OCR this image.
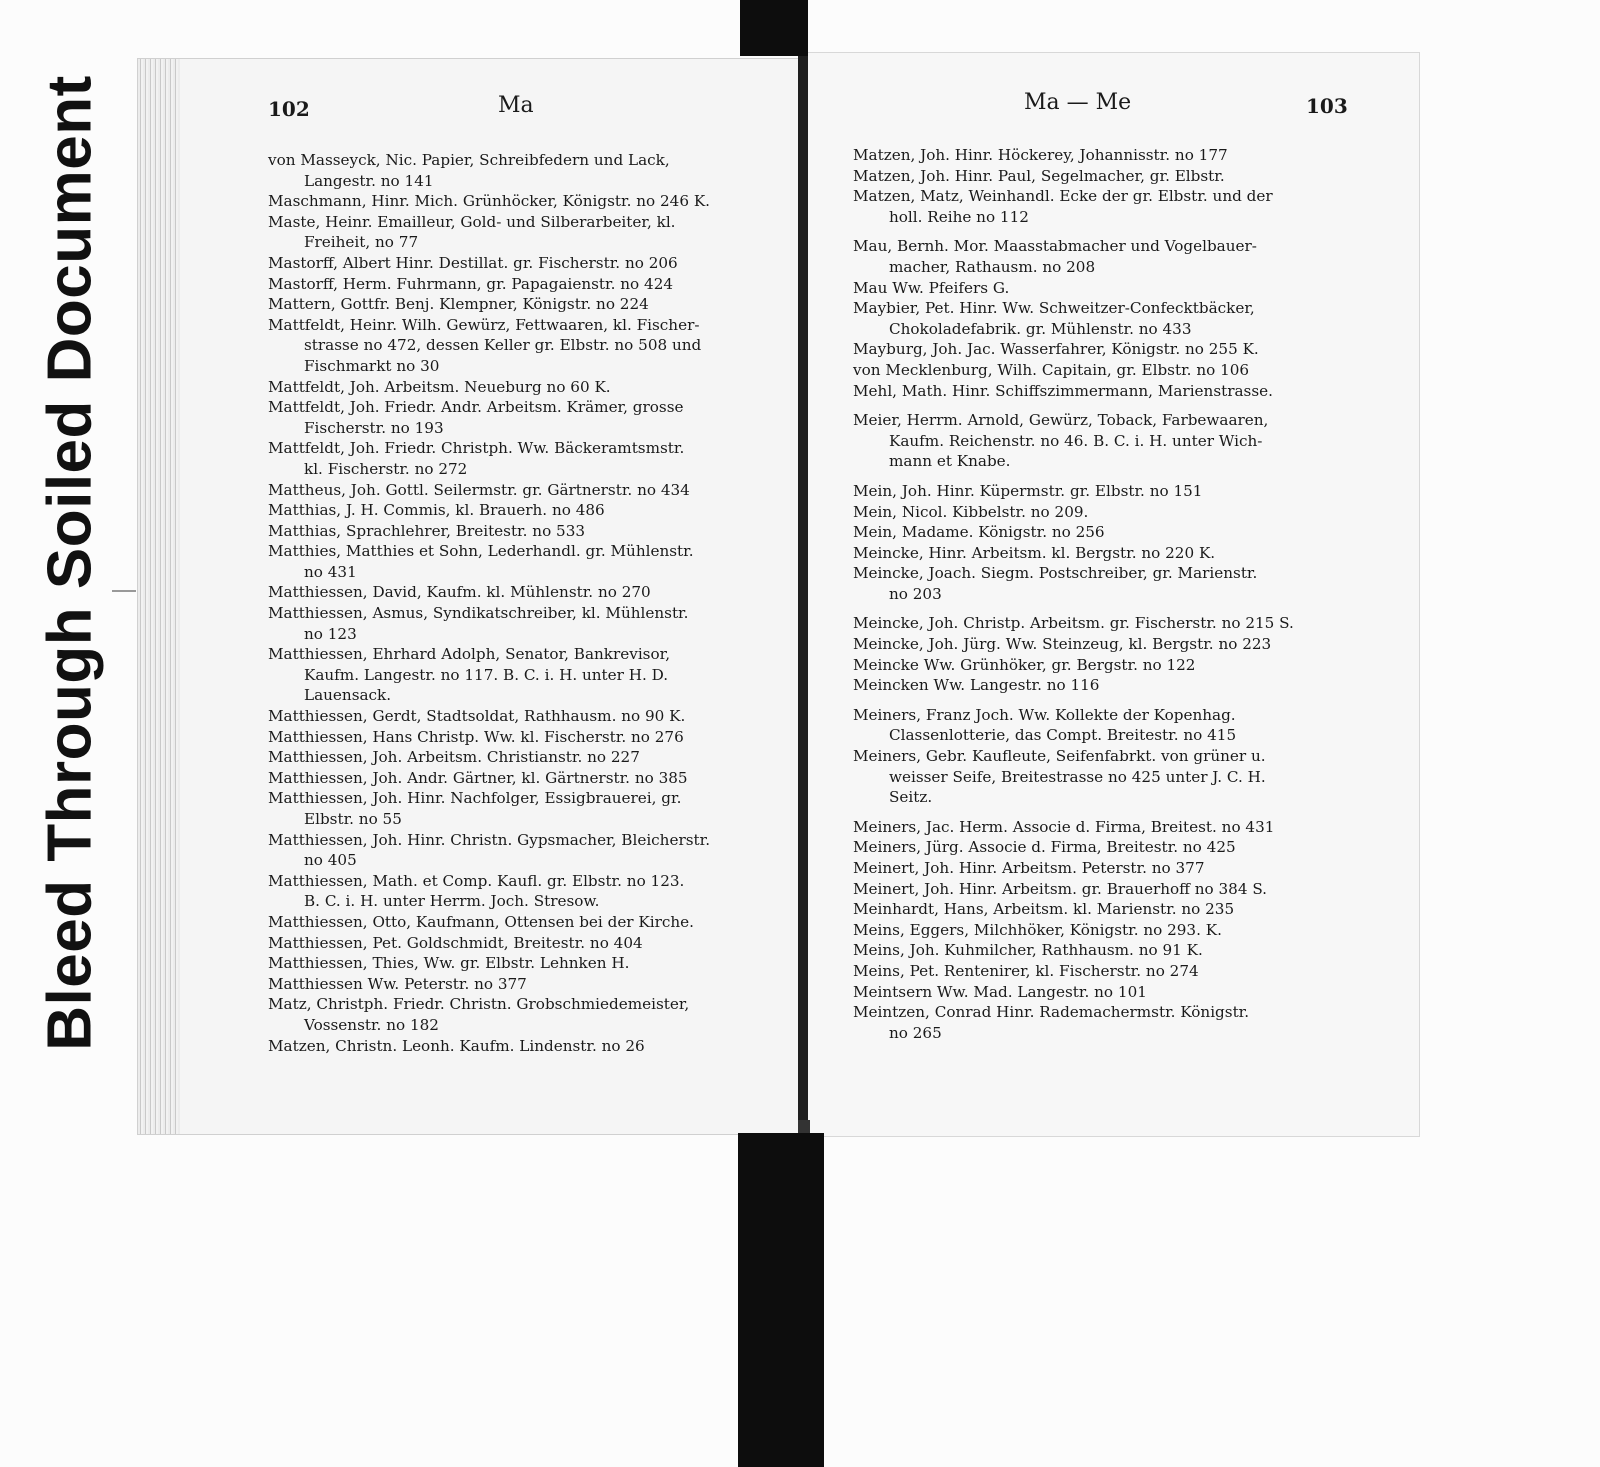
Bleed Through Soiled Document	102	Ma	Ma — Me	103
von Masseyck, Nic. Papier, Schreibfedern und Lack,
Langestr. no 141
Maschmann, Hinr. Mich. Grünhöcker, Königstr. no 246 K.
Maste, Heinr. Emailleur, Gold- und Silberarbeiter, kl.
Freiheit, no 77
Mastorff, Albert Hinr. Destillat. gr. Fischerstr. no 206
Mastorff, Herm. Fuhrmann, gr. Papagaienstr. no 424
Mattern, Gottfr. Benj. Klempner, Königstr. no 224
Mattfeldt, Heinr. Wilh. Gewürz, Fettwaaren, kl. Fischer-
strasse no 472, dessen Keller gr. Elbstr. no 508 und
Fischmarkt no 30
Mattfeldt, Joh. Arbeitsm. Neueburg no 60 K.
Mattfeldt, Joh. Friedr. Andr. Arbeitsm. Krämer, grosse
Fischerstr. no 193
Mattfeldt, Joh. Friedr. Christph. Ww. Bäckeramtsmstr.
kl. Fischerstr. no 272
Mattheus, Joh. Gottl. Seilermstr. gr. Gärtnerstr. no 434
Matthias, J. H. Commis, kl. Brauerh. no 486
Matthias, Sprachlehrer, Breitestr. no 533
Matthies, Matthies et Sohn, Lederhandl. gr. Mühlenstr.
no 431
Matthiessen, David, Kaufm. kl. Mühlenstr. no 270
Matthiessen, Asmus, Syndikatschreiber, kl. Mühlenstr.
no 123
Matthiessen, Ehrhard Adolph, Senator, Bankrevisor,
Kaufm. Langestr. no 117. B. C. i. H. unter H. D.
Lauensack.
Matthiessen, Gerdt, Stadtsoldat, Rathhausm. no 90 K.
Matthiessen, Hans Christp. Ww. kl. Fischerstr. no 276
Matthiessen, Joh. Arbeitsm. Christianstr. no 227
Matthiessen, Joh. Andr. Gärtner, kl. Gärtnerstr. no 385
Matthiessen, Joh. Hinr. Nachfolger, Essigbrauerei, gr.
Elbstr. no 55
Matthiessen, Joh. Hinr. Christn. Gypsmacher, Bleicherstr.
no 405
Matthiessen, Math. et Comp. Kaufl. gr. Elbstr. no 123.
B. C. i. H. unter Herrm. Joch. Stresow.
Matthiessen, Otto, Kaufmann, Ottensen bei der Kirche.
Matthiessen, Pet. Goldschmidt, Breitestr. no 404
Matthiessen, Thies, Ww. gr. Elbstr. Lehnken H.
Matthiessen Ww. Peterstr. no 377
Matz, Christph. Friedr. Christn. Grobschmiedemeister,
Vossenstr. no 182
Matzen, Christn. Leonh. Kaufm. Lindenstr. no 26
Matzen, Joh. Hinr. Höckerey, Johannisstr. no 177
Matzen, Joh. Hinr. Paul, Segelmacher, gr. Elbstr.
Matzen, Matz, Weinhandl. Ecke der gr. Elbstr. und der
holl. Reihe no 112
Mau, Bernh. Mor. Maasstabmacher und Vogelbauer-
macher, Rathausm. no 208
Mau Ww. Pfeifers G.
Maybier, Pet. Hinr. Ww. Schweitzer-Confecktbäcker,
Chokoladefabrik. gr. Mühlenstr. no 433
Mayburg, Joh. Jac. Wasserfahrer, Königstr. no 255 K.
von Mecklenburg, Wilh. Capitain, gr. Elbstr. no 106
Mehl, Math. Hinr. Schiffszimmermann, Marienstrasse.
Meier, Herrm. Arnold, Gewürz, Toback, Farbewaaren,
Kaufm. Reichenstr. no 46. B. C. i. H. unter Wich-
mann et Knabe.
Mein, Joh. Hinr. Küpermstr. gr. Elbstr. no 151
Mein, Nicol. Kibbelstr. no 209.
Mein, Madame. Königstr. no 256
Meincke, Hinr. Arbeitsm. kl. Bergstr. no 220 K.
Meincke, Joach. Siegm. Postschreiber, gr. Marienstr.
no 203
Meincke, Joh. Christp. Arbeitsm. gr. Fischerstr. no 215 S.
Meincke, Joh. Jürg. Ww. Steinzeug, kl. Bergstr. no 223
Meincke Ww. Grünhöker, gr. Bergstr. no 122
Meincken Ww. Langestr. no 116
Meiners, Franz Joch. Ww. Kollekte der Kopenhag.
Classenlotterie, das Compt. Breitestr. no 415
Meiners, Gebr. Kaufleute, Seifenfabrkt. von grüner u.
weisser Seife, Breitestrasse no 425 unter J. C. H.
Seitz.
Meiners, Jac. Herm. Associe d. Firma, Breitest. no 431
Meiners, Jürg. Associe d. Firma, Breitestr. no 425
Meinert, Joh. Hinr. Arbeitsm. Peterstr. no 377
Meinert, Joh. Hinr. Arbeitsm. gr. Brauerhoff no 384 S.
Meinhardt, Hans, Arbeitsm. kl. Marienstr. no 235
Meins, Eggers, Milchhöker, Königstr. no 293. K.
Meins, Joh. Kuhmilcher, Rathhausm. no 91 K.
Meins, Pet. Rentenirer, kl. Fischerstr. no 274
Meintsern Ww. Mad. Langestr. no 101
Meintzen, Conrad Hinr. Rademachermstr. Königstr.
no 265
